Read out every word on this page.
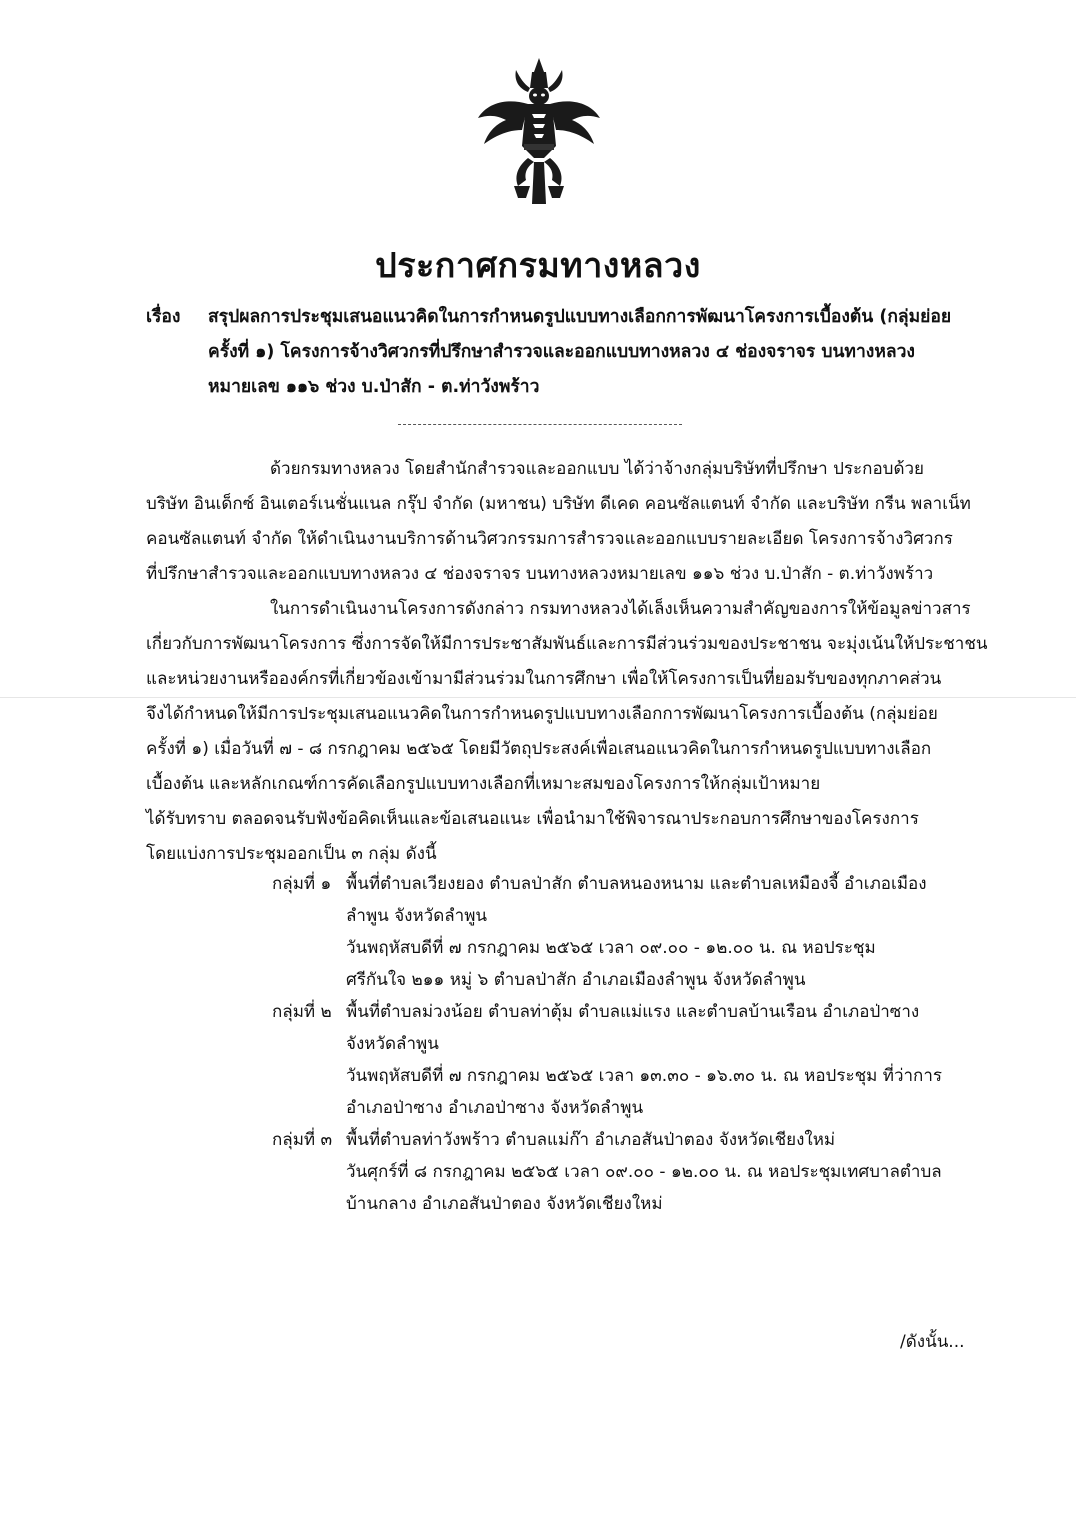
ประกาศกรมทางหลวง
เรื่อง สรุปผลการประชุมเสนอแนวคิดในการกำหนดรูปแบบทางเลือกการพัฒนาโครงการเบื้องต้น (กลุ่มย่อย
ครั้งที่ ๑) โครงการจ้างวิศวกรที่ปรึกษาสำรวจและออกแบบทางหลวง ๔ ช่องจราจร บนทางหลวง
หมายเลข ๑๑๖ ช่วง บ.ป่าสัก - ต.ท่าวังพร้าว
ด้วยกรมทางหลวง โดยสำนักสำรวจและออกแบบ ได้ว่าจ้างกลุ่มบริษัทที่ปรึกษา ประกอบด้วย
บริษัท อินเด็กซ์ อินเตอร์เนชั่นแนล กรุ๊ป จำกัด (มหาชน) บริษัท ดีเคด คอนซัลแตนท์ จำกัด และบริษัท กรีน พลาเน็ท
คอนซัลแตนท์ จำกัด ให้ดำเนินงานบริการด้านวิศวกรรมการสำรวจและออกแบบรายละเอียด โครงการจ้างวิศวกร
ที่ปรึกษาสำรวจและออกแบบทางหลวง ๔ ช่องจราจร บนทางหลวงหมายเลข ๑๑๖ ช่วง บ.ป่าสัก - ต.ท่าวังพร้าว
ในการดำเนินงานโครงการดังกล่าว กรมทางหลวงได้เล็งเห็นความสำคัญของการให้ข้อมูลข่าวสาร
เกี่ยวกับการพัฒนาโครงการ ซึ่งการจัดให้มีการประชาสัมพันธ์และการมีส่วนร่วมของประชาชน จะมุ่งเน้นให้ประชาชน
และหน่วยงานหรือองค์กรที่เกี่ยวข้องเข้ามามีส่วนร่วมในการศึกษา เพื่อให้โครงการเป็นที่ยอมรับของทุกภาคส่วน
จึงได้กำหนดให้มีการประชุมเสนอแนวคิดในการกำหนดรูปแบบทางเลือกการพัฒนาโครงการเบื้องต้น (กลุ่มย่อย
ครั้งที่ ๑) เมื่อวันที่ ๗ - ๘ กรกฎาคม ๒๕๖๕ โดยมีวัตถุประสงค์เพื่อเสนอแนวคิดในการกำหนดรูปแบบทางเลือก
เบื้องต้น และหลักเกณฑ์การคัดเลือกรูปแบบทางเลือกที่เหมาะสมของโครงการให้กลุ่มเป้าหมาย
ได้รับทราบ ตลอดจนรับฟังข้อคิดเห็นและข้อเสนอแนะ เพื่อนำมาใช้พิจารณาประกอบการศึกษาของโครงการ
โดยแบ่งการประชุมออกเป็น ๓ กลุ่ม ดังนี้
กลุ่มที่ ๑ พื้นที่ตำบลเวียงยอง ตำบลป่าสัก ตำบลหนองหนาม และตำบลเหมืองจี้ อำเภอเมือง
ลำพูน จังหวัดลำพูน
วันพฤหัสบดีที่ ๗ กรกฎาคม ๒๕๖๕ เวลา ๐๙.๐๐ - ๑๒.๐๐ น. ณ หอประชุม
ศรีกันใจ ๒๑๑ หมู่ ๖ ตำบลป่าสัก อำเภอเมืองลำพูน จังหวัดลำพูน
กลุ่มที่ ๒ พื้นที่ตำบลม่วงน้อย ตำบลท่าตุ้ม ตำบลแม่แรง และตำบลบ้านเรือน อำเภอป่าซาง
จังหวัดลำพูน
วันพฤหัสบดีที่ ๗ กรกฎาคม ๒๕๖๕ เวลา ๑๓.๓๐ - ๑๖.๓๐ น. ณ หอประชุม ที่ว่าการ
อำเภอป่าซาง อำเภอป่าซาง จังหวัดลำพูน
กลุ่มที่ ๓ พื้นที่ตำบลท่าวังพร้าว ตำบลแม่ก๊า อำเภอสันป่าตอง จังหวัดเชียงใหม่
วันศุกร์ที่ ๘ กรกฎาคม ๒๕๖๕ เวลา ๐๙.๐๐ - ๑๒.๐๐ น. ณ หอประชุมเทศบาลตำบล
บ้านกลาง อำเภอสันป่าตอง จังหวัดเชียงใหม่
/ดังนั้น...
